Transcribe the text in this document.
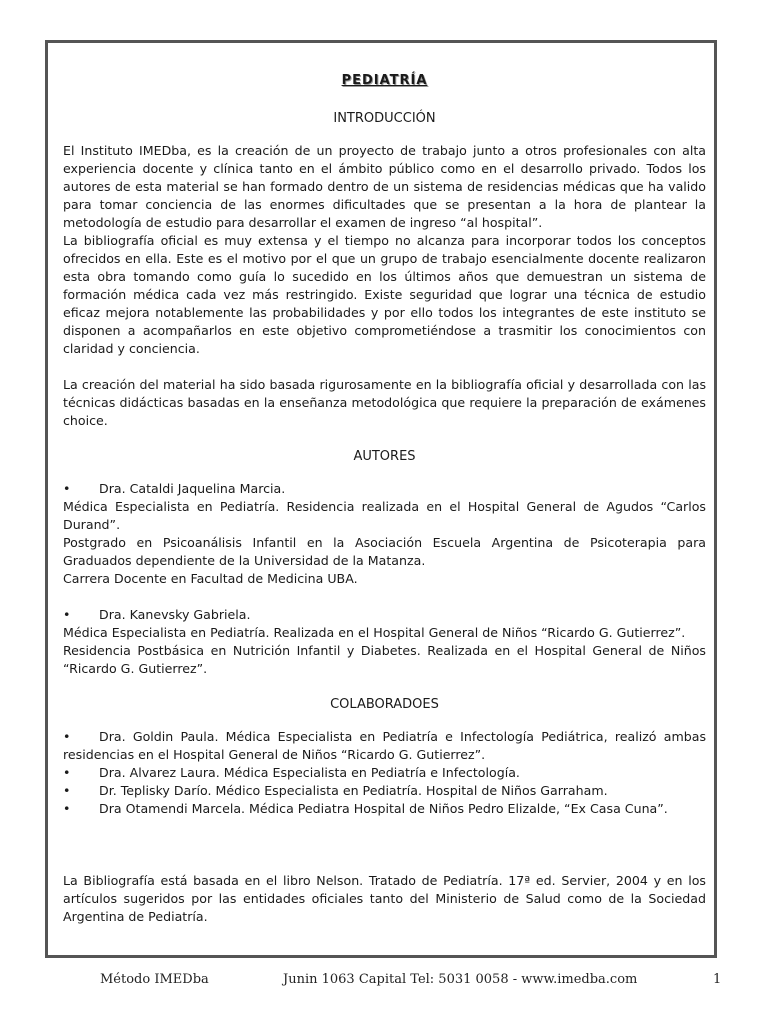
PEDIATRÍA
INTRODUCCIÓN

El Instituto IMEDba, es la creación de un proyecto de trabajo junto a otros profesionales con alta experiencia docente y clínica tanto en el ámbito público como en el desarrollo privado. Todos los autores de esta material se han formado dentro de un sistema de residencias médicas que ha valido para tomar conciencia de las enormes dificultades que se presentan a la hora de plantear la metodología de estudio para desarrollar el examen de ingreso “al hospital”.

La bibliografía oficial es muy extensa y el tiempo no alcanza para incorporar todos los conceptos ofrecidos en ella. Este es el motivo por el que un grupo de trabajo esencialmente docente realizaron esta obra tomando como guía lo sucedido en los últimos años que demuestran un sistema de formación médica cada vez más restringido. Existe seguridad que lograr una técnica de estudio eficaz mejora notablemente las probabilidades y por ello todos los integrantes de este instituto se disponen a acompañarlos en este objetivo comprometiéndose a trasmitir los conocimientos con claridad y conciencia.

La creación del material ha sido basada rigurosamente en la bibliografía oficial y desarrollada con las técnicas didácticas basadas en la enseñanza metodológica que requiere la preparación de exámenes choice.

AUTORES

• Dra. Cataldi Jaquelina Marcia.

Médica Especialista en Pediatría. Residencia realizada en el Hospital General de Agudos “Carlos Durand”.

Postgrado en Psicoanálisis Infantil en la Asociación Escuela Argentina de Psicoterapia para Graduados dependiente de la Universidad de la Matanza.

Carrera Docente en Facultad de Medicina UBA.

• Dra. Kanevsky Gabriela.

Médica Especialista en Pediatría. Realizada en el Hospital General de Niños “Ricardo G. Gutierrez”.

Residencia Postbásica en Nutrición Infantil y Diabetes. Realizada en el Hospital General de Niños “Ricardo G. Gutierrez”.

COLABORADOES

• Dra. Goldin Paula. Médica Especialista en Pediatría e Infectología Pediátrica, realizó ambas residencias en el Hospital General de Niños “Ricardo G. Gutierrez”.

• Dra. Alvarez Laura. Médica Especialista en Pediatría e Infectología.

• Dr. Teplisky Darío. Médico Especialista en Pediatría. Hospital de Niños Garraham.

• Dra Otamendi Marcela. Médica Pediatra Hospital de Niños Pedro Elizalde, “Ex Casa Cuna”.

La Bibliografía está basada en el libro Nelson. Tratado de Pediatría. 17ª ed. Servier, 2004 y en los artículos sugeridos por las entidades oficiales tanto del Ministerio de Salud como de la Sociedad Argentina de Pediatría.

Método IMEDba	Junin 1063 Capital Tel: 5031 0058 - www.imedba.com	1
